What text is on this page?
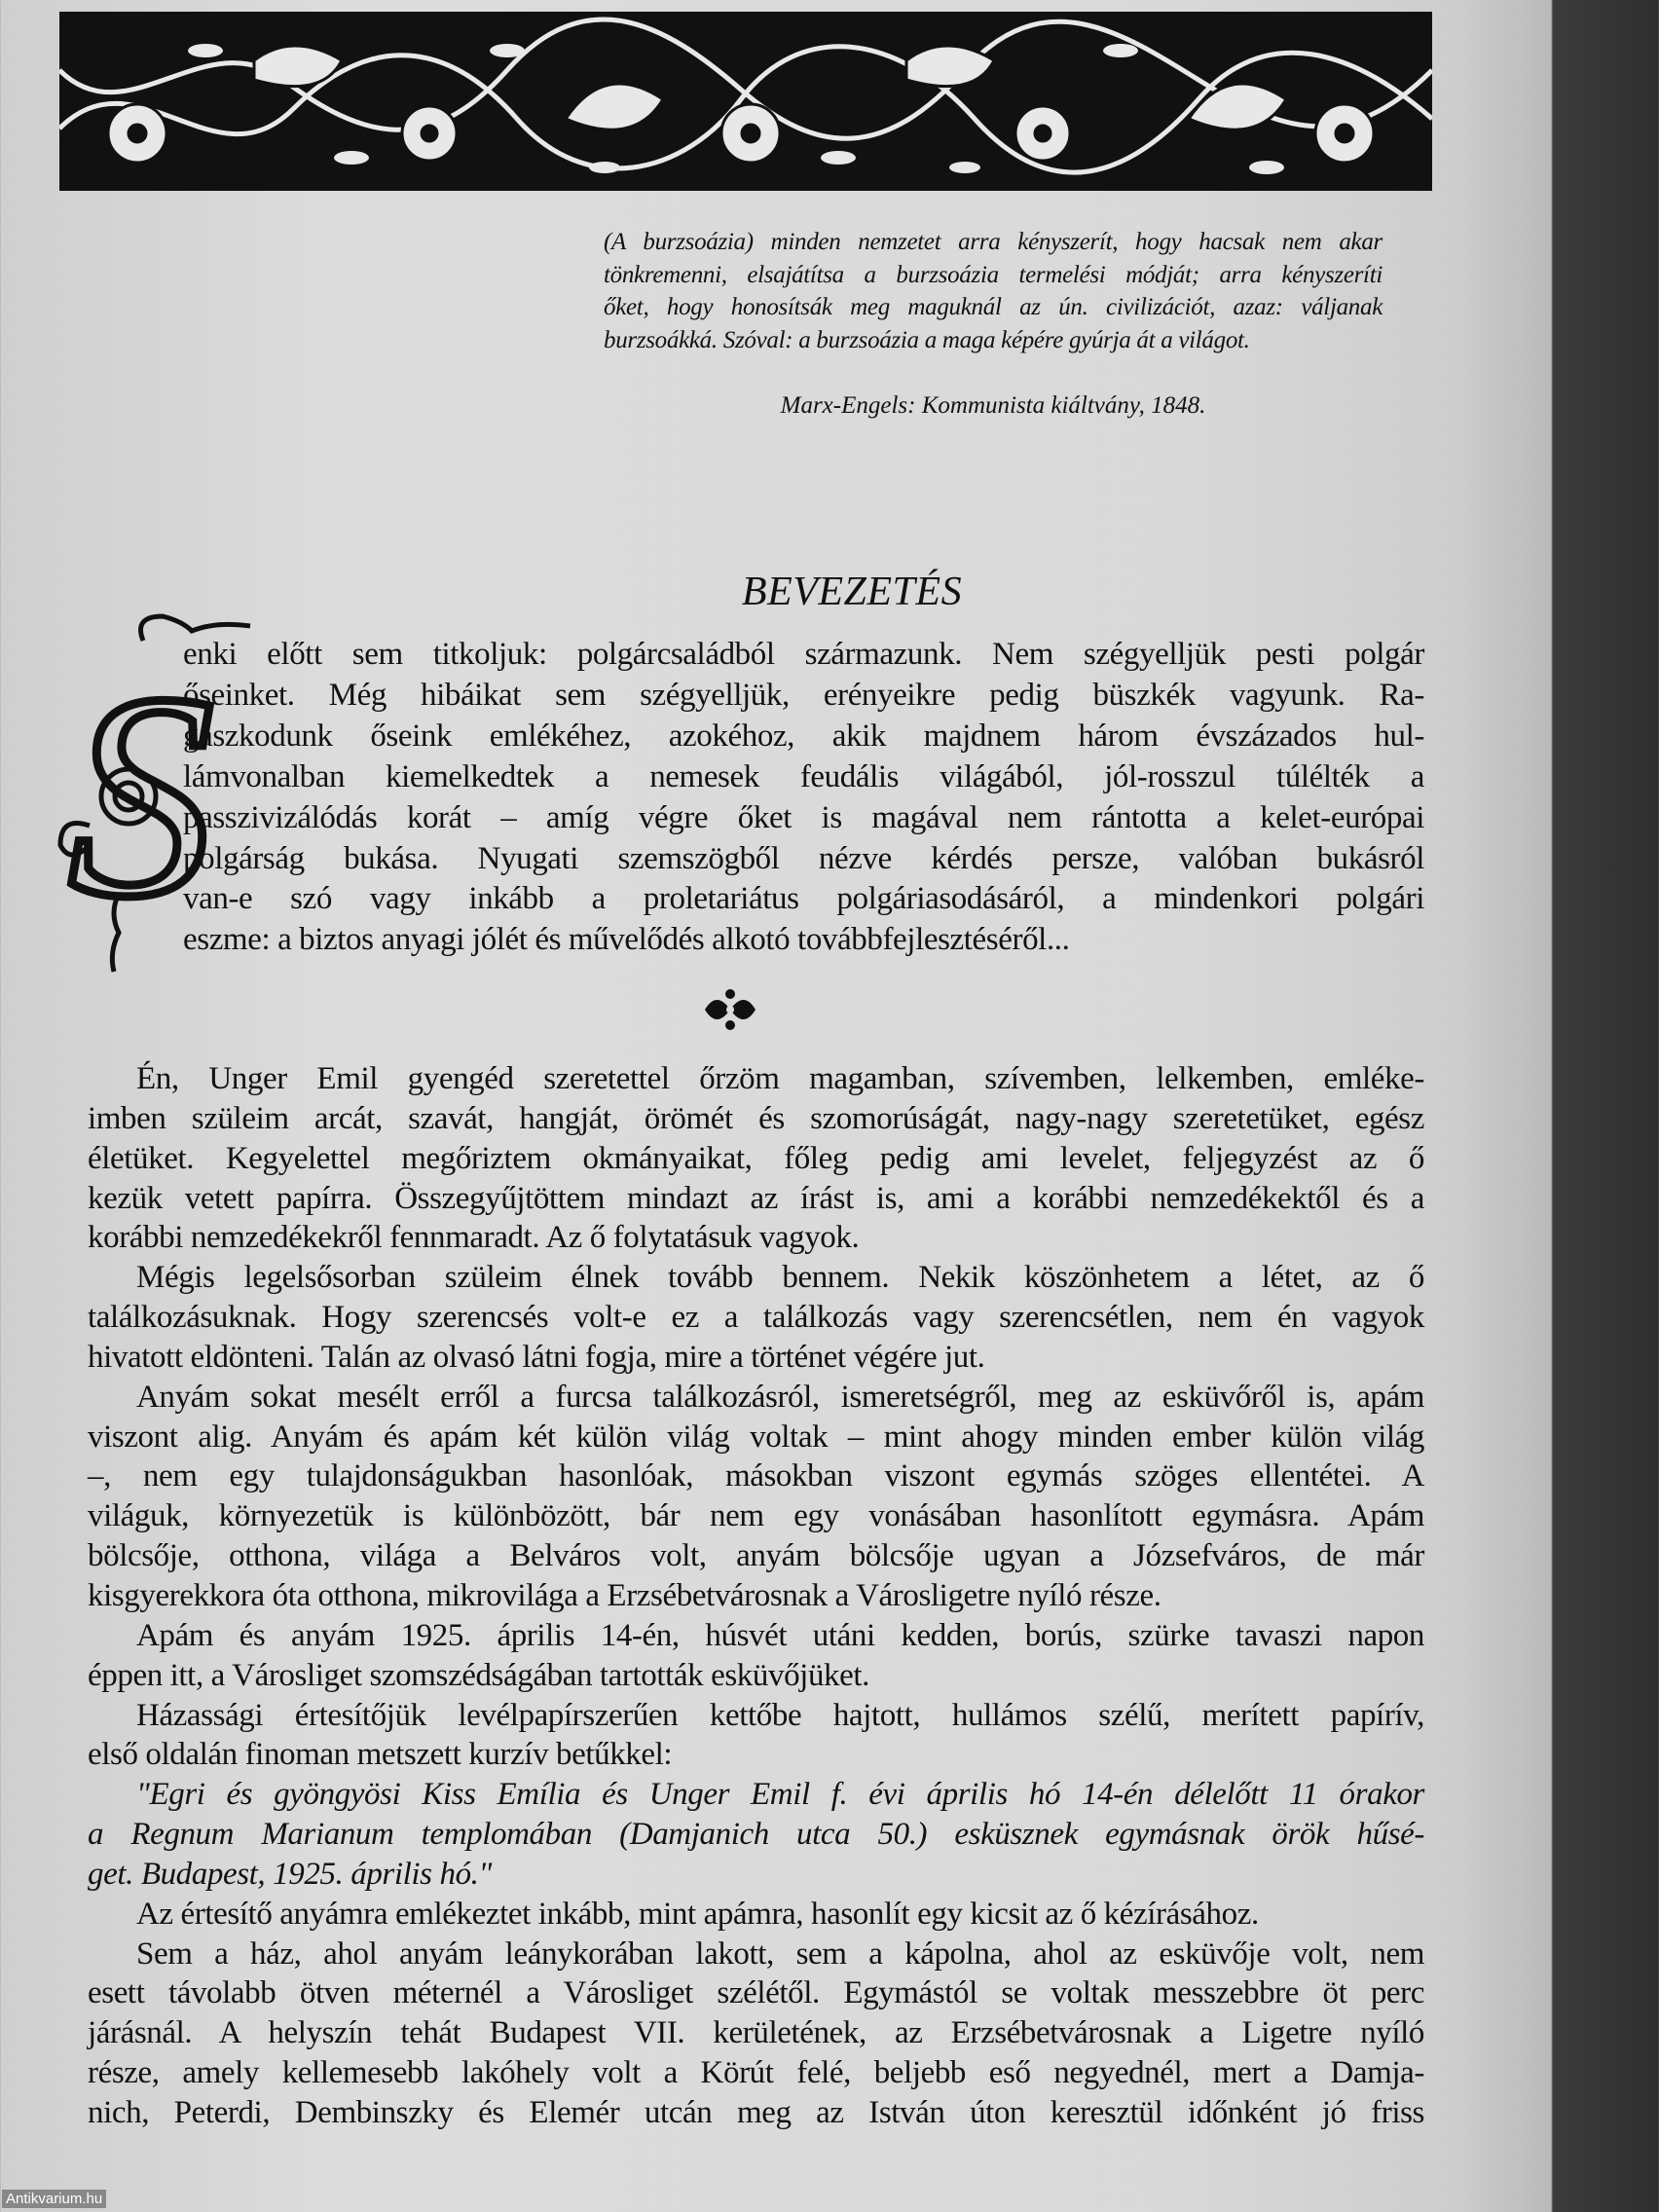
(A burzsoázia) minden nemzetet arra kényszerít, hogy hacsak nem akar
tönkremenni, elsajátítsa a burzsoázia termelési módját; arra kényszeríti
őket, hogy honosítsák meg maguknál az ún. civilizációt, azaz: váljanak
burzsoákká. Szóval: a burzsoázia a maga képére gyúrja át a világot.
Marx-Engels: Kommunista kiáltvány, 1848.
BEVEZETÉS
S
enki előtt sem titkoljuk: polgárcsaládból származunk. Nem szégyelljük pesti polgár
őseinket. Még hibáikat sem szégyelljük, erényeikre pedig büszkék vagyunk. Ra-
gaszkodunk őseink emlékéhez, azokéhoz, akik majdnem három évszázados hul-
lámvonalban kiemelkedtek a nemesek feudális világából, jól-rosszul túlélték a
passzivizálódás korát – amíg végre őket is magával nem rántotta a kelet-európai
polgárság bukása. Nyugati szemszögből nézve kérdés persze, valóban bukásról
van-e szó vagy inkább a proletariátus polgáriasodásáról, a mindenkori polgári
eszme: a biztos anyagi jólét és művelődés alkotó továbbfejlesztéséről...
Én, Unger Emil gyengéd szeretettel őrzöm magamban, szívemben, lelkemben, emléke-
imben szüleim arcát, szavát, hangját, örömét és szomorúságát, nagy-nagy szeretetüket, egész
életüket. Kegyelettel megőriztem okmányaikat, főleg pedig ami levelet, feljegyzést az ő
kezük vetett papírra. Összegyűjtöttem mindazt az írást is, ami a korábbi nemzedékektől és a
korábbi nemzedékekről fennmaradt. Az ő folytatásuk vagyok.
Mégis legelsősorban szüleim élnek tovább bennem. Nekik köszönhetem a létet, az ő
találkozásuknak. Hogy szerencsés volt-e ez a találkozás vagy szerencsétlen, nem én vagyok
hivatott eldönteni. Talán az olvasó látni fogja, mire a történet végére jut.
Anyám sokat mesélt erről a furcsa találkozásról, ismeretségről, meg az esküvőről is, apám
viszont alig. Anyám és apám két külön világ voltak – mint ahogy minden ember külön világ
–, nem egy tulajdonságukban hasonlóak, másokban viszont egymás szöges ellentétei. A
világuk, környezetük is különbözött, bár nem egy vonásában hasonlított egymásra. Apám
bölcsője, otthona, világa a Belváros volt, anyám bölcsője ugyan a Józsefváros, de már
kisgyerekkora óta otthona, mikrovilága a Erzsébetvárosnak a Városligetre nyíló része.
Apám és anyám 1925. április 14-én, húsvét utáni kedden, borús, szürke tavaszi napon
éppen itt, a Városliget szomszédságában tartották esküvőjüket.
Házassági értesítőjük levélpapírszerűen kettőbe hajtott, hullámos szélű, merített papírív,
első oldalán finoman metszett kurzív betűkkel:
"Egri és gyöngyösi Kiss Emília és Unger Emil f. évi április hó 14-én délelőtt 11 órakor
a Regnum Marianum templomában (Damjanich utca 50.) esküsznek egymásnak örök hűsé-
get. Budapest, 1925. április hó."
Az értesítő anyámra emlékeztet inkább, mint apámra, hasonlít egy kicsit az ő kézírásához.
Sem a ház, ahol anyám leánykorában lakott, sem a kápolna, ahol az esküvője volt, nem
esett távolabb ötven méternél a Városliget szélétől. Egymástól se voltak messzebbre öt perc
járásnál. A helyszín tehát Budapest VII. kerületének, az Erzsébetvárosnak a Ligetre nyíló
része, amely kellemesebb lakóhely volt a Körút felé, beljebb eső negyednél, mert a Damja-
nich, Peterdi, Dembinszky és Elemér utcán meg az István úton keresztül időnként jó friss
Antikvarium.hu
